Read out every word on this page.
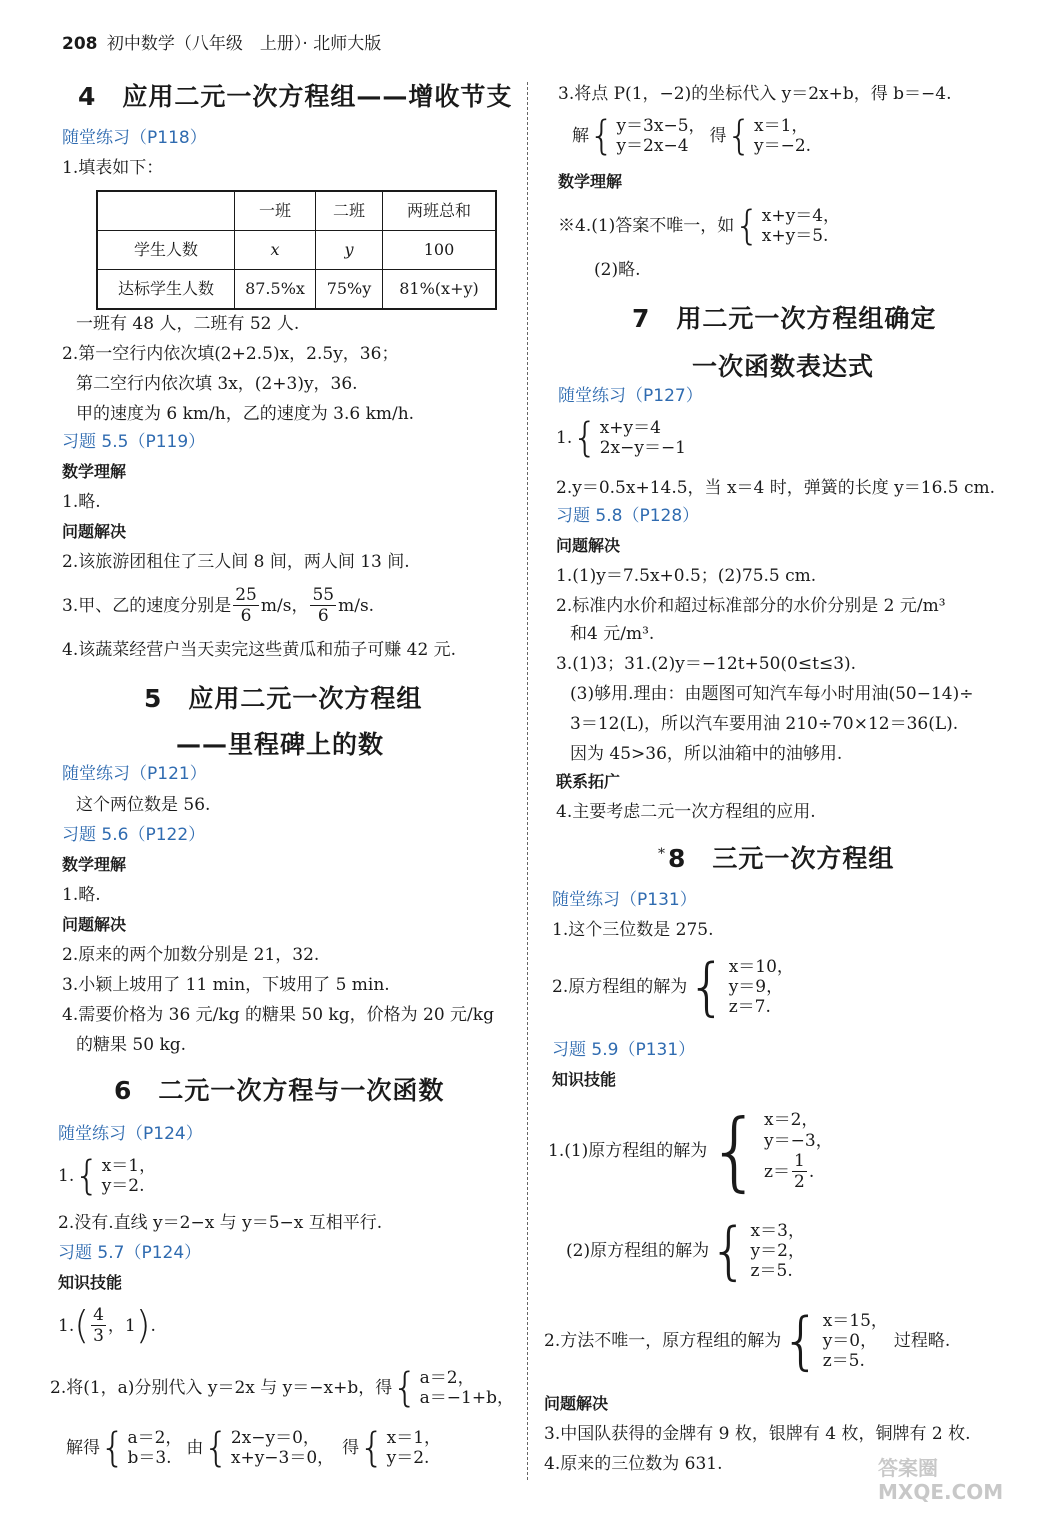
208 初中数学（八年级　上册）· 北师大版
4　应用二元一次方程组——增收节支
随堂练习（P118）
1.填表如下：
	一班	二班	两班总和
学生人数	x	y	100
达标学生人数	87.5%x	75%y	81%(x+y)
一班有 48 人，二班有 52 人.
2.第一空行内依次填(2+2.5)x，2.5y，36；
第二空行内依次填 3x，(2+3)y，36.
甲的速度为 6 km/h，乙的速度为 3.6 km/h.
习题 5.5（P119）
数学理解
1.略.
问题解决
2.该旅游团租住了三人间 8 间，两人间 13 间.
3.甲、乙的速度分别是 $\frac{25}{6} m/s$， $\frac{55}{6} m/s$.
4.该蔬菜经营户当天卖完这些黄瓜和茄子可赚 42 元.
5　应用二元一次方程组
——里程碑上的数
随堂练习（P121）
这个两位数是 56.
习题 5.6（P122）
数学理解
1.略.
问题解决
2.原来的两个加数分别是 21，32.
3.小颖上坡用了 11 min，下坡用了 5 min.
4.需要价格为 36 元/kg 的糖果 50 kg，价格为 20 元/kg
的糖果 50 kg.
6　二元一次方程与一次函数
随堂练习（P124）
1. { x＝1，
y＝2.
2.没有.直线 y＝2−x 与 y＝5−x 互相平行.
习题 5.7（P124）
知识技能
1. ( $\frac{4}{3}$ ，1 ) .
2.将(1，a)分别代入 y＝2x 与 y＝−x+b，得 { a＝2，
a＝−1+b，
解得 { a＝2，
b＝3.
由 { 2x−y＝0，
x+y−3＝0，
得 { x＝1，
y＝2.
3.将点 P(1，−2)的坐标代入 y＝2x+b，得 b＝−4.
解 { y＝3x−5，
y＝2x−4
得 { x＝1，
y＝−2.
数学理解
※4.(1)答案不唯一，如 { x+y＝4，
x+y＝5.
(2)略.
7　用二元一次方程组确定
一次函数表达式
随堂练习（P127）
1. { x+y＝4
2x−y＝−1
2.y＝0.5x+14.5，当 x＝4 时，弹簧的长度 y＝16.5 cm.
习题 5.8（P128）
问题解决
1.(1)y＝7.5x+0.5；(2)75.5 cm.
2.标准内水价和超过标准部分的水价分别是 2 元/m³
和4 元/m³.
3.(1)3；31.(2)y＝−12t+50(0≤t≤3).
(3)够用.理由：由题图可知汽车每小时用油(50−14)÷
3＝12(L)，所以汽车要用油 210÷70×12＝36(L).
因为 45>36，所以油箱中的油够用.
联系拓广
4.主要考虑二元一次方程组的应用.
* 8　三元一次方程组
随堂练习（P131）
1.这个三位数是 275.
2.原方程组的解为 { x＝10，
y＝9，
z＝7.
习题 5.9（P131）
知识技能
1.(1)原方程组的解为 { x＝2，
y＝−3，
$z= \frac{1}{2}$ .
(2)原方程组的解为 { x＝3，
y＝2，
z＝5.
2.方法不唯一，原方程组的解为 { x＝15，
y＝0，
z＝5.
过程略.
问题解决
3.中国队获得的金牌有 9 枚，银牌有 4 枚，铜牌有 2 枚.
4.原来的三位数为 631.	答案圈 MXQE.COM
